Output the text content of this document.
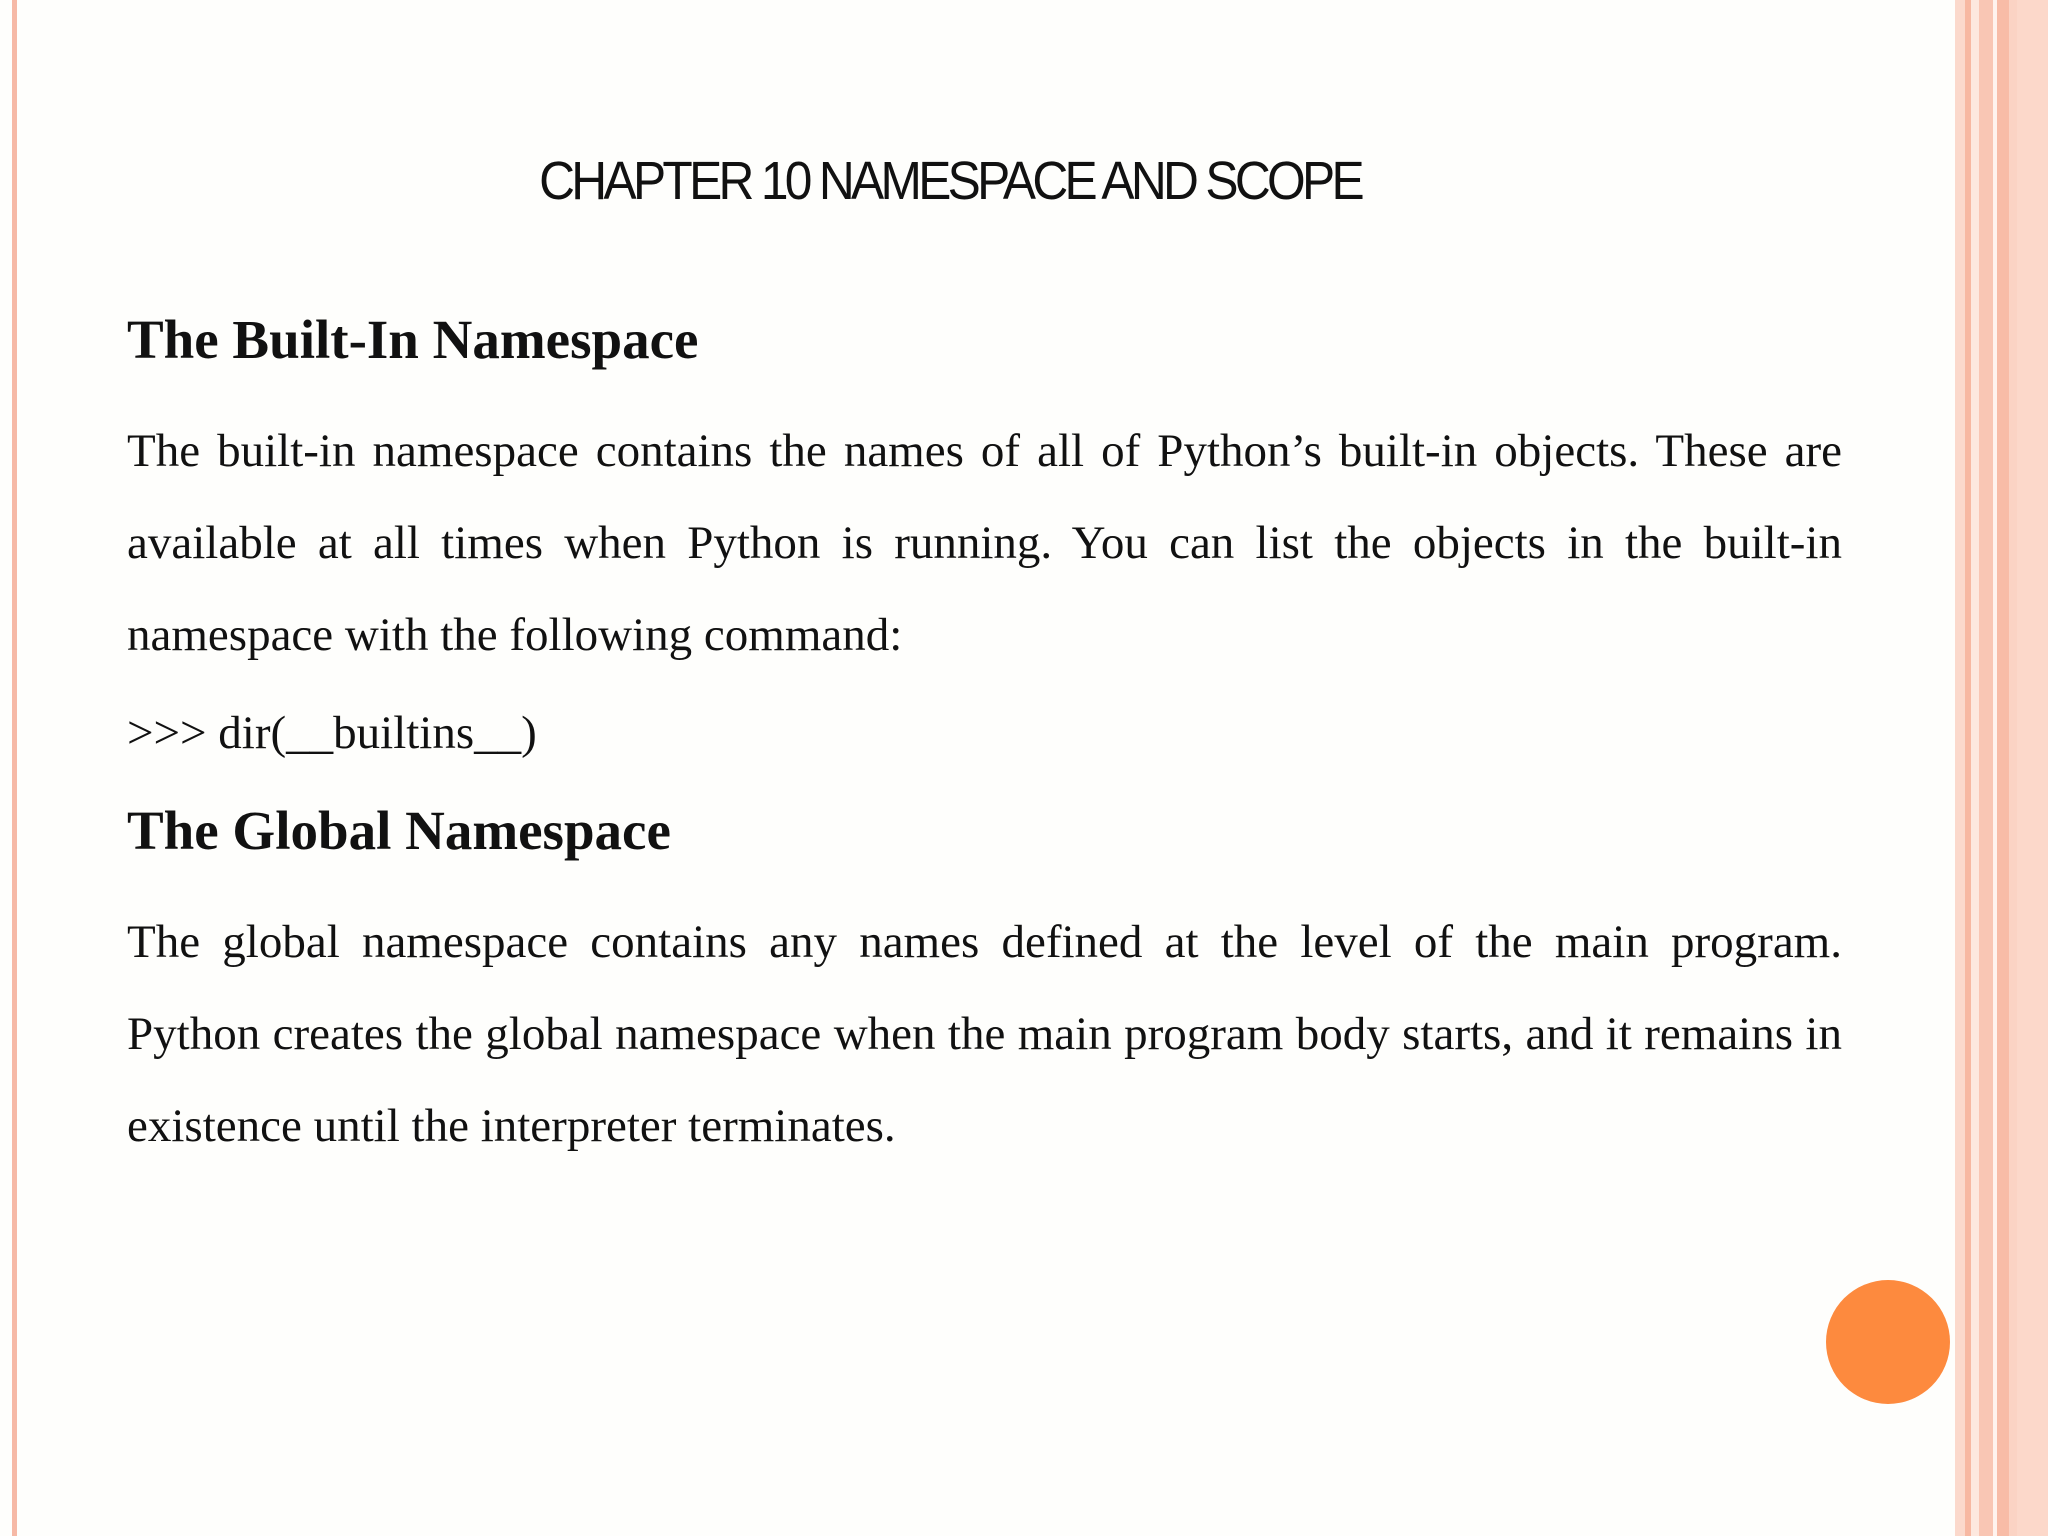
CHAPTER 10 NAMESPACE AND SCOPE
The Built-In Namespace

The built-in namespace contains the names of all of Python’s built-in objects. These are available at all times when Python is running. You can list the objects in the built-in namespace with the following command:

>>> dir(__builtins__)

The Global Namespace

The global namespace contains any names defined at the level of the main program. Python creates the global namespace when the main program body starts, and it remains in existence until the interpreter terminates.
